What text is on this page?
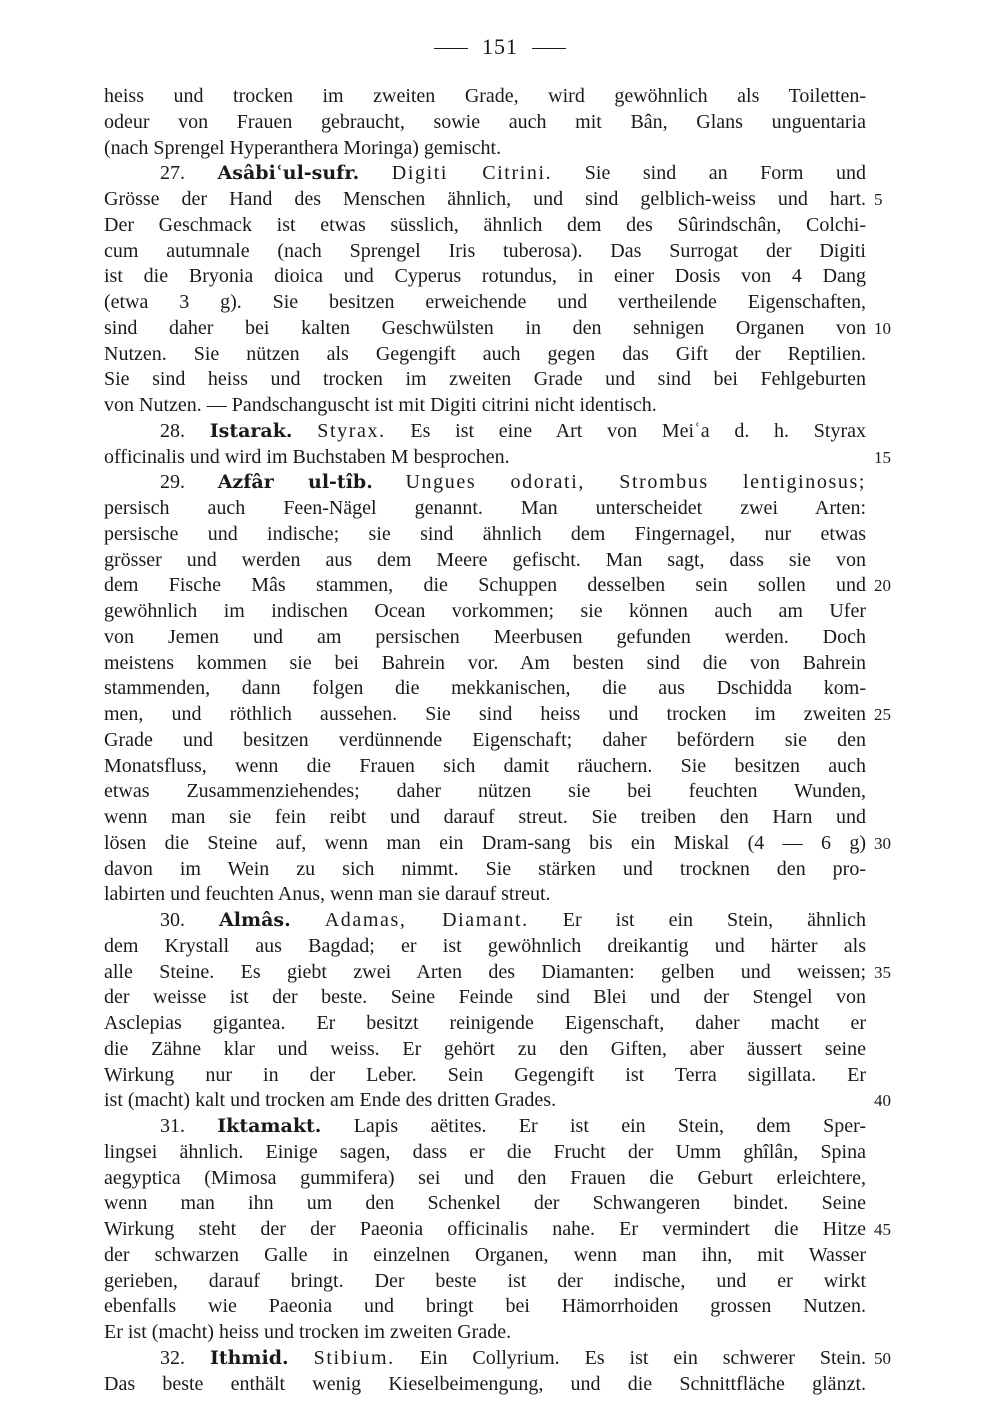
151
heiss und trocken im zweiten Grade, wird gewöhnlich als Toiletten-
odeur von Frauen gebraucht, sowie auch mit Bân, Glans unguentaria
(nach Sprengel Hyperanthera Moringa) gemischt.
27. Asâbiʿul-sufr. Digiti Citrini. Sie sind an Form und
Grösse der Hand des Menschen ähnlich, und sind gelblich-weiss und hart. 5
Der Geschmack ist etwas süsslich, ähnlich dem des Sûrindschân, Colchi-
cum autumnale (nach Sprengel Iris tuberosa). Das Surrogat der Digiti
ist die Bryonia dioica und Cyperus rotundus, in einer Dosis von 4 Dang
(etwa 3 g). Sie besitzen erweichende und vertheilende Eigenschaften,
sind daher bei kalten Geschwülsten in den sehnigen Organen von 10
Nutzen. Sie nützen als Gegengift auch gegen das Gift der Reptilien.
Sie sind heiss und trocken im zweiten Grade und sind bei Fehlgeburten
von Nutzen. — Pandschanguscht ist mit Digiti citrini nicht identisch.
28. Istarak. Styrax. Es ist eine Art von Meiʿa d. h. Styrax
officinalis und wird im Buchstaben M besprochen.	15
29. Azfâr ul-tîb. Ungues odorati, Strombus lentiginosus;
persisch auch Feen-Nägel genannt. Man unterscheidet zwei Arten:
persische und indische; sie sind ähnlich dem Fingernagel, nur etwas
grösser und werden aus dem Meere gefischt. Man sagt, dass sie von
dem Fische Mâs stammen, die Schuppen desselben sein sollen und 20
gewöhnlich im indischen Ocean vorkommen; sie können auch am Ufer
von Jemen und am persischen Meerbusen gefunden werden. Doch
meistens kommen sie bei Bahrein vor. Am besten sind die von Bahrein
stammenden, dann folgen die mekkanischen, die aus Dschidda kom-
men, und röthlich aussehen. Sie sind heiss und trocken im zweiten 25
Grade und besitzen verdünnende Eigenschaft; daher befördern sie den
Monatsfluss, wenn die Frauen sich damit räuchern. Sie besitzen auch
etwas Zusammenziehendes; daher nützen sie bei feuchten Wunden,
wenn man sie fein reibt und darauf streut. Sie treiben den Harn und
lösen die Steine auf, wenn man ein Dram-sang bis ein Miskal (4 — 6 g) 30
davon im Wein zu sich nimmt. Sie stärken und trocknen den pro-
labirten und feuchten Anus, wenn man sie darauf streut.
30. Almâs. Adamas, Diamant. Er ist ein Stein, ähnlich
dem Krystall aus Bagdad; er ist gewöhnlich dreikantig und härter als
alle Steine. Es giebt zwei Arten des Diamanten: gelben und weissen; 35
der weisse ist der beste. Seine Feinde sind Blei und der Stengel von
Asclepias gigantea. Er besitzt reinigende Eigenschaft, daher macht er
die Zähne klar und weiss. Er gehört zu den Giften, aber äussert seine
Wirkung nur in der Leber. Sein Gegengift ist Terra sigillata. Er
ist (macht) kalt und trocken am Ende des dritten Grades.	40
31. Iktamakt. Lapis aëtites. Er ist ein Stein, dem Sper-
lingsei ähnlich. Einige sagen, dass er die Frucht der Umm ghîlân, Spina
aegyptica (Mimosa gummifera) sei und den Frauen die Geburt erleichtere,
wenn man ihn um den Schenkel der Schwangeren bindet. Seine
Wirkung steht der der Paeonia officinalis nahe. Er vermindert die Hitze 45
der schwarzen Galle in einzelnen Organen, wenn man ihn, mit Wasser
gerieben, darauf bringt. Der beste ist der indische, und er wirkt
ebenfalls wie Paeonia und bringt bei Hämorrhoiden grossen Nutzen.
Er ist (macht) heiss und trocken im zweiten Grade.
32. Ithmid. Stibium. Ein Collyrium. Es ist ein schwerer Stein. 50
Das beste enthält wenig Kieselbeimengung, und die Schnittfläche glänzt.
